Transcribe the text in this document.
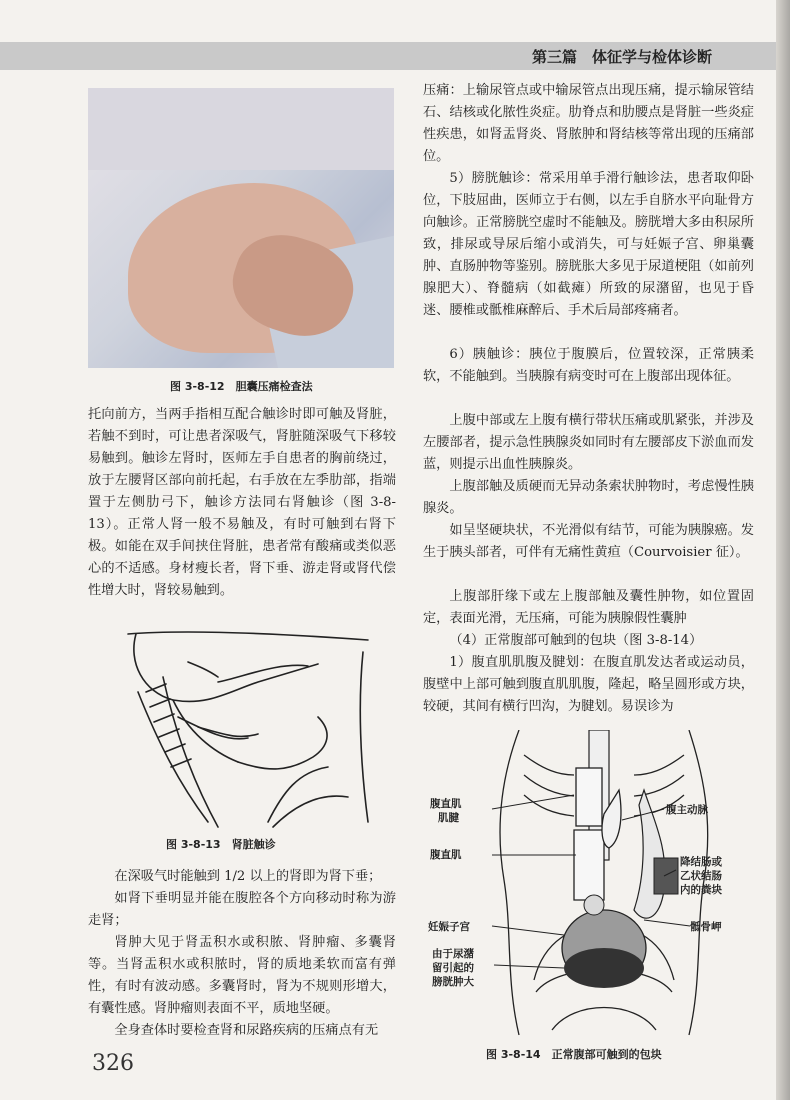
第三篇　体征学与检体诊断
图 3-8-12　胆囊压痛检查法

托向前方，当两手指相互配合触诊时即可触及肾脏，若触不到时，可让患者深吸气，肾脏随深吸气下移较易触到。触诊左肾时，医师左手自患者的胸前绕过，放于左腰肾区部向前托起，右手放在左季肋部，指端置于左侧肋弓下，触诊方法同右肾触诊（图 3-8-13）。正常人肾一般不易触及，有时可触到右肾下极。如能在双手间挟住肾脏，患者常有酸痛或类似恶心的不适感。身材瘦长者，肾下垂、游走肾或肾代偿性增大时，肾较易触到。

图 3-8-13　肾脏触诊

在深吸气时能触到 1/2 以上的肾即为肾下垂；

如肾下垂明显并能在腹腔各个方向移动时称为游走肾；

肾肿大见于肾盂积水或积脓、肾肿瘤、多囊肾等。当肾盂积水或积脓时，肾的质地柔软而富有弹性，有时有波动感。多囊肾时，肾为不规则形增大，有囊性感。肾肿瘤则表面不平，质地坚硬。

全身查体时要检查肾和尿路疾病的压痛点有无

压痛：上输尿管点或中输尿管点出现压痛，提示输尿管结石、结核或化脓性炎症。肋脊点和肋腰点是肾脏一些炎症性疾患，如肾盂肾炎、肾脓肿和肾结核等常出现的压痛部位。

5）膀胱触诊：常采用单手滑行触诊法，患者取仰卧位，下肢屈曲，医师立于右侧，以左手自脐水平向耻骨方向触诊。正常膀胱空虚时不能触及。膀胱增大多由积尿所致，排尿或导尿后缩小或消失，可与妊娠子宫、卵巢囊肿、直肠肿物等鉴别。膀胱胀大多见于尿道梗阻（如前列腺肥大）、脊髓病（如截瘫）所致的尿潴留，也见于昏迷、腰椎或骶椎麻醉后、手术后局部疼痛者。

6）胰触诊：胰位于腹膜后，位置较深，正常胰柔软，不能触到。当胰腺有病变时可在上腹部出现体征。

上腹中部或左上腹有横行带状压痛或肌紧张，并涉及左腰部者，提示急性胰腺炎如同时有左腰部皮下淤血而发蓝，则提示出血性胰腺炎。

上腹部触及质硬而无异动条索状肿物时，考虑慢性胰腺炎。

如呈坚硬块状，不光滑似有结节，可能为胰腺癌。发生于胰头部者，可伴有无痛性黄疸（Courvoisier 征）。

上腹部肝缘下或左上腹部触及囊性肿物，如位置固定，表面光滑，无压痛，可能为胰腺假性囊肿

（4）正常腹部可触到的包块（图 3-8-14）

1）腹直肌肌腹及腱划：在腹直肌发达者或运动员，腹壁中上部可触到腹直肌肌腹，隆起，略呈圆形或方块，较硬，其间有横行凹沟，为腱划。易误诊为

腹直肌
肌腱
腹主动脉
腹直肌
降结肠或
乙状结肠
内的粪块
妊娠子宫	骶骨岬
由于尿潴
留引起的
膀胱肿大
图 3-8-14　正常腹部可触到的包块
326
